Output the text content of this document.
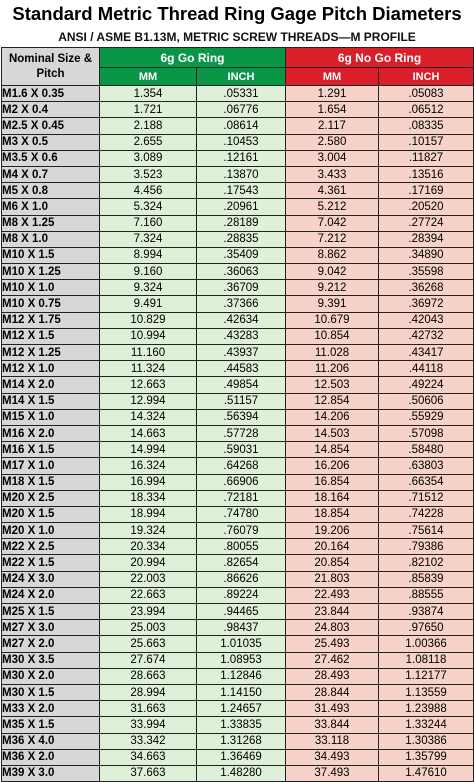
Standard Metric Thread Ring Gage Pitch Diameters
ANSI / ASME B1.13M, METRIC SCREW THREADS—M PROFILE
Nominal Size &
Pitch	6g Go Ring		6g No Go Ring	
	MM	INCH	MM	INCH
M1.6 X 0.35	1.354	.05331	1.291	.05083
M2 X 0.4	1.721	.06776	1.654	.06512
M2.5 X 0.45	2.188	.08614	2.117	.08335
M3 X 0.5	2.655	.10453	2.580	.10157
M3.5 X 0.6	3.089	.12161	3.004	.11827
M4 X 0.7	3.523	.13870	3.433	.13516
M5 X 0.8	4.456	.17543	4.361	.17169
M6 X 1.0	5.324	.20961	5.212	.20520
M8 X 1.25	7.160	.28189	7.042	.27724
M8 X 1.0	7.324	.28835	7.212	.28394
M10 X 1.5	8.994	.35409	8.862	.34890
M10 X 1.25	9.160	.36063	9.042	.35598
M10 X 1.0	9.324	.36709	9.212	.36268
M10 X 0.75	9.491	.37366	9.391	.36972
M12 X 1.75	10.829	.42634	10.679	.42043
M12 X 1.5	10.994	.43283	10.854	.42732
M12 X 1.25	11.160	.43937	11.028	.43417
M12 X 1.0	11.324	.44583	11.206	.44118
M14 X 2.0	12.663	.49854	12.503	.49224
M14 X 1.5	12.994	.51157	12.854	.50606
M15 X 1.0	14.324	.56394	14.206	.55929
M16 X 2.0	14.663	.57728	14.503	.57098
M16 X 1.5	14.994	.59031	14.854	.58480
M17 X 1.0	16.324	.64268	16.206	.63803
M18 X 1.5	16.994	.66906	16.854	.66354
M20 X 2.5	18.334	.72181	18.164	.71512
M20 X 1.5	18.994	.74780	18.854	.74228
M20 X 1.0	19.324	.76079	19.206	.75614
M22 X 2.5	20.334	.80055	20.164	.79386
M22 X 1.5	20.994	.82654	20.854	.82102
M24 X 3.0	22.003	.86626	21.803	.85839
M24 X 2.0	22.663	.89224	22.493	.88555
M25 X 1.5	23.994	.94465	23.844	.93874
M27 X 3.0	25.003	.98437	24.803	.97650
M27 X 2.0	25.663	1.01035	25.493	1.00366
M30 X 3.5	27.674	1.08953	27.462	1.08118
M30 X 2.0	28.663	1.12846	28.493	1.12177
M30 X 1.5	28.994	1.14150	28.844	1.13559
M33 X 2.0	31.663	1.24657	31.493	1.23988
M35 X 1.5	33.994	1.33835	33.844	1.33244
M36 X 4.0	33.342	1.31268	33.118	1.30386
M36 X 2.0	34.663	1.36469	34.493	1.35799
M39 X 3.0	37.663	1.48280	37.493	1.47610
